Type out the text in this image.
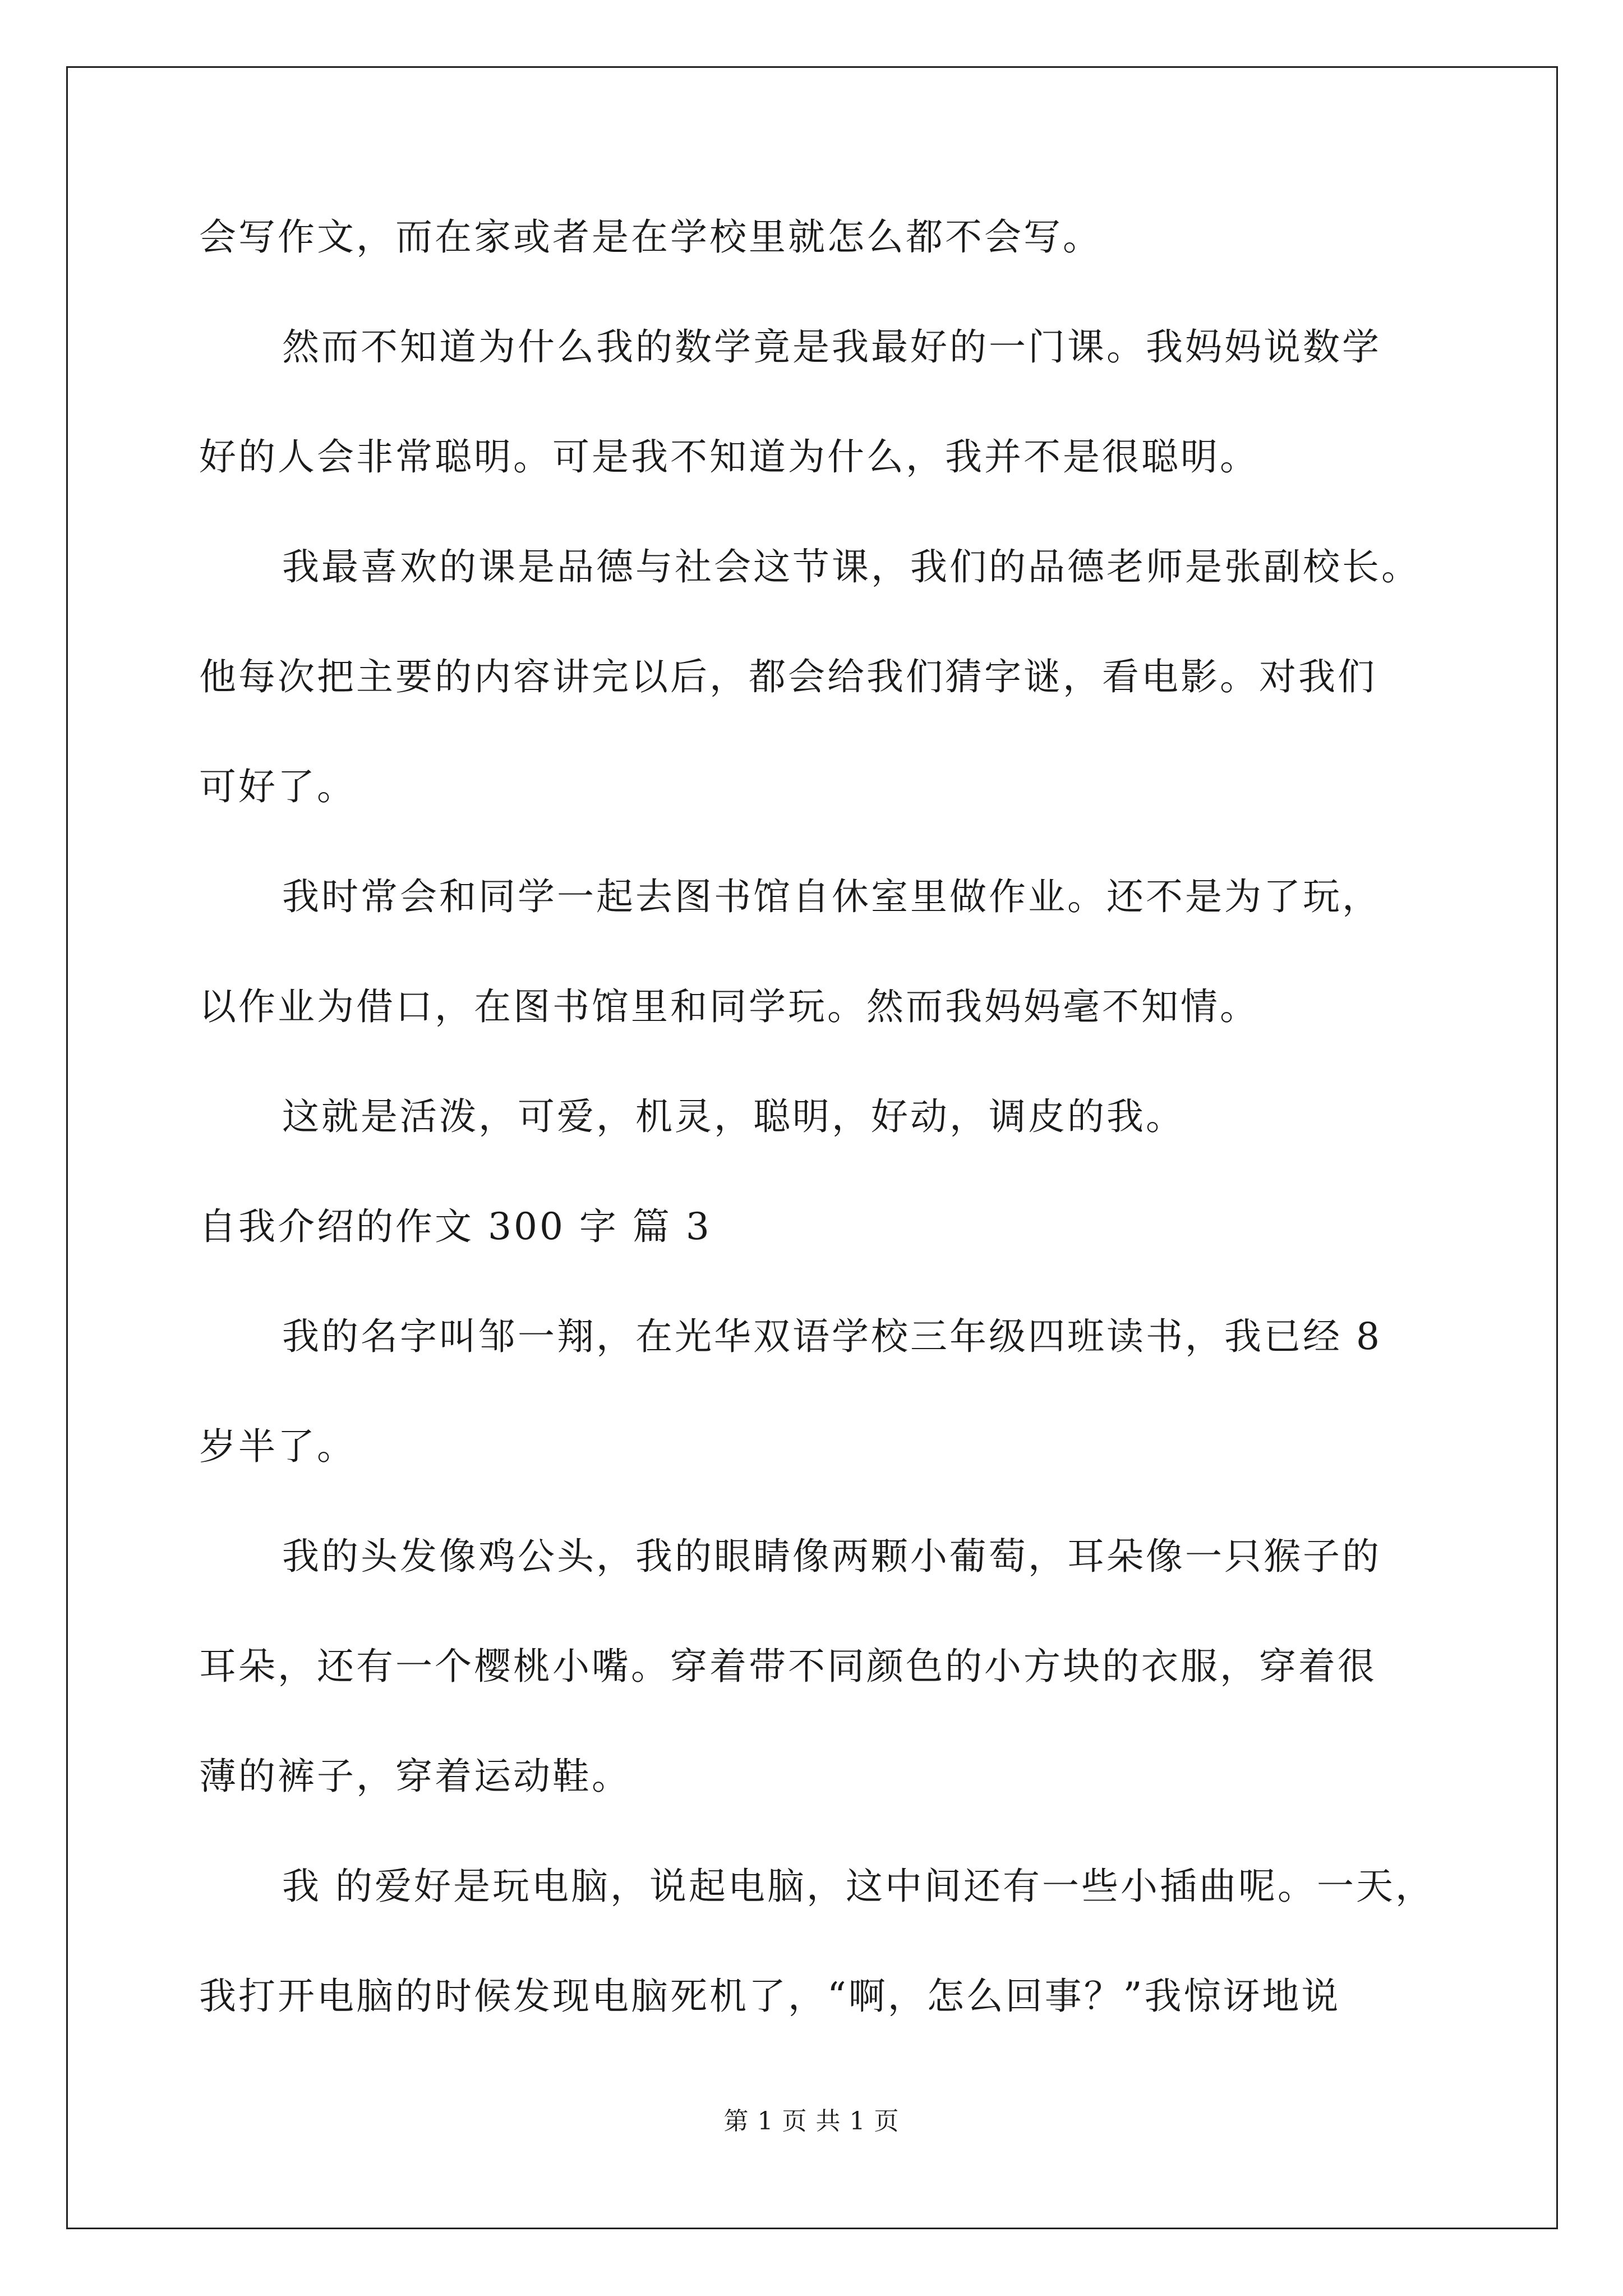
会写作文，而在家或者是在学校里就怎么都不会写。
然而不知道为什么我的数学竟是我最好的一门课。我妈妈说数学
好的人会非常聪明。可是我不知道为什么，我并不是很聪明。
我最喜欢的课是品德与社会这节课，我们的品德老师是张副校长。
他每次把主要的内容讲完以后，都会给我们猜字谜，看电影。对我们
可好了。
我时常会和同学一起去图书馆自休室里做作业。还不是为了玩，
以作业为借口，在图书馆里和同学玩。然而我妈妈毫不知情。
这就是活泼，可爱，机灵，聪明，好动，调皮的我。
自我介绍的作文 300 字 篇 3
我的名字叫邹一翔，在光华双语学校三年级四班读书，我已经 8
岁半了。
我的头发像鸡公头，我的眼睛像两颗小葡萄，耳朵像一只猴子的
耳朵，还有一个樱桃小嘴。穿着带不同颜色的小方块的衣服，穿着很
薄的裤子，穿着运动鞋。
我 的爱好是玩电脑，说起电脑，这中间还有一些小插曲呢。一天，
我打开电脑的时候发现电脑死机了，“啊，怎么回事？”我惊讶地说
第 1 页 共 1 页
